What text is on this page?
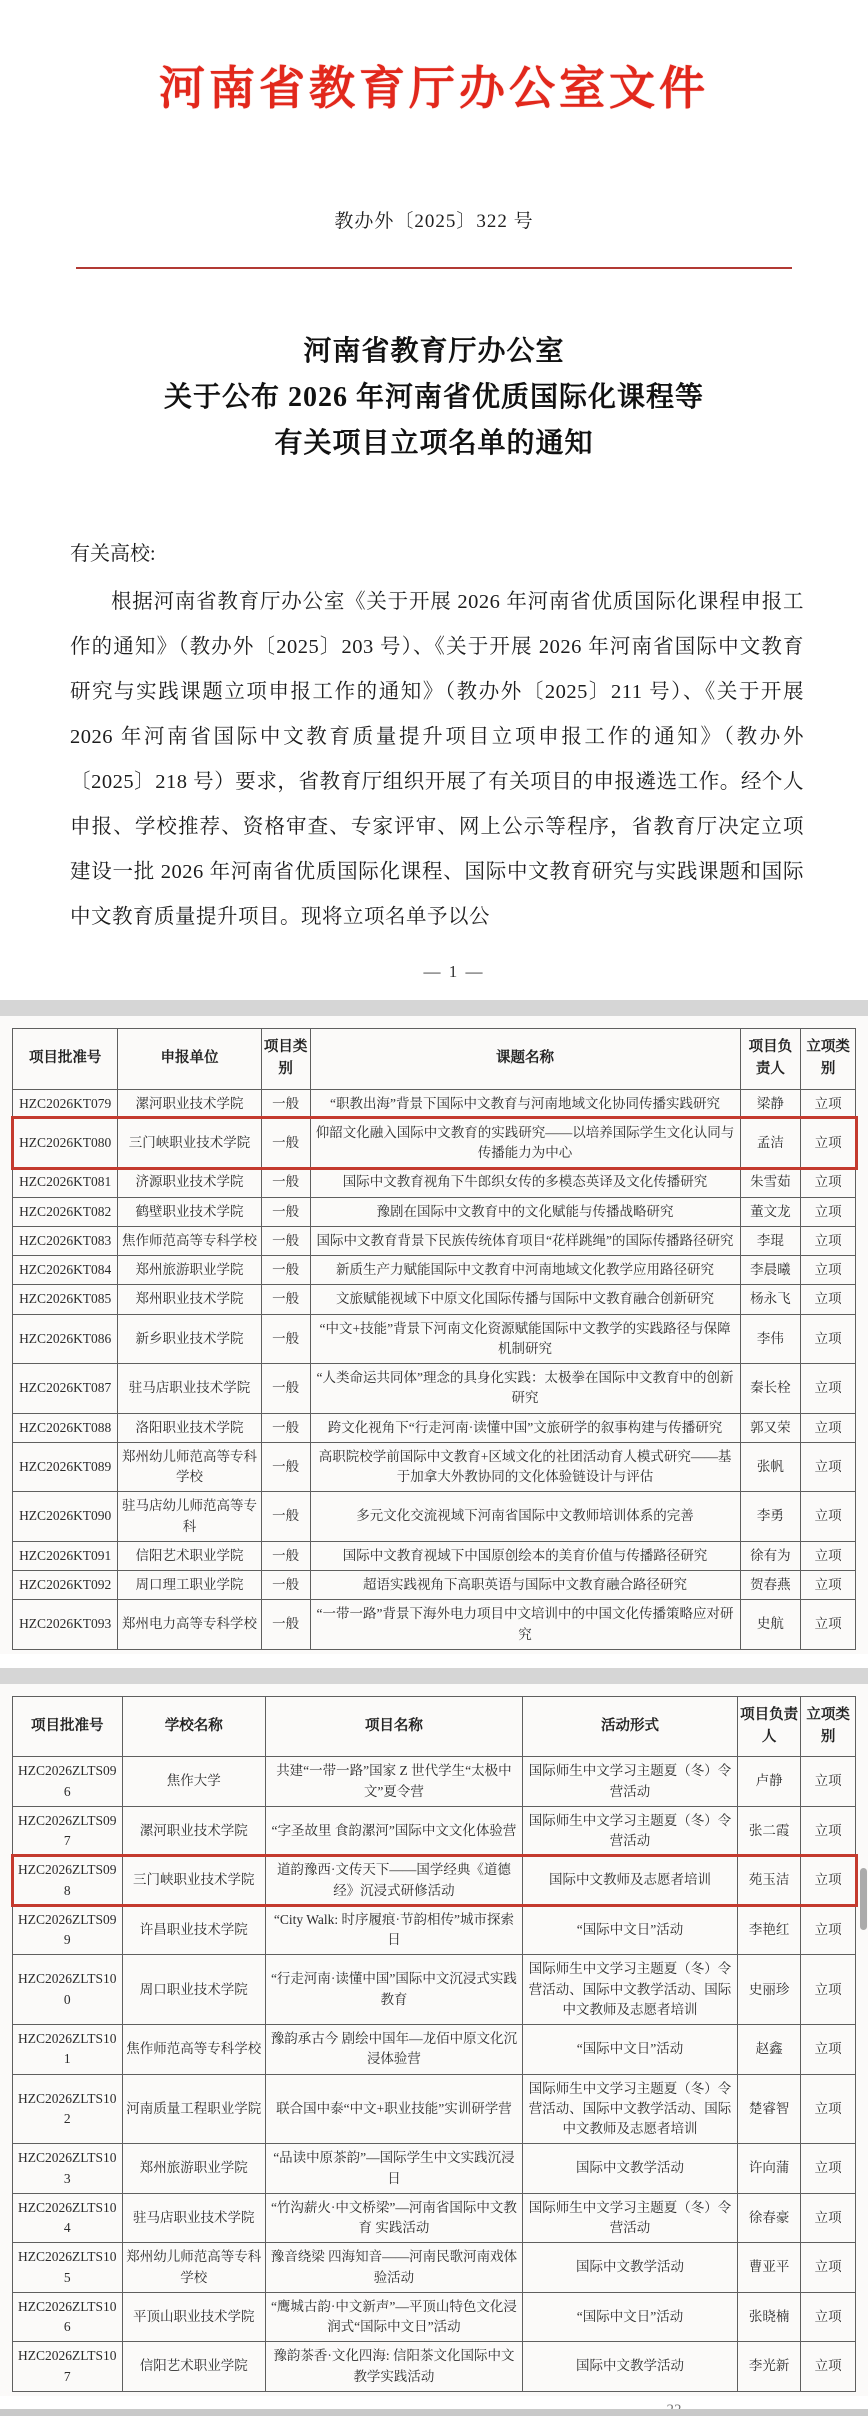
河南省教育厅办公室文件
教办外〔2025〕322 号
河南省教育厅办公室
关于公布 2026 年河南省优质国际化课程等
有关项目立项名单的通知
有关高校:

根据河南省教育厅办公室《关于开展 2026 年河南省优质国际化课程申报工作的通知》（教办外〔2025〕203 号）、《关于开展 2026 年河南省国际中文教育研究与实践课题立项申报工作的通知》（教办外〔2025〕211 号）、《关于开展 2026 年河南省国际中文教育质量提升项目立项申报工作的通知》（教办外〔2025〕218 号）要求，省教育厅组织开展了有关项目的申报遴选工作。经个人申报、学校推荐、资格审查、专家评审、网上公示等程序，省教育厅决定立项建设一批 2026 年河南省优质国际化课程、国际中文教育研究与实践课题和国际中文教育质量提升项目。现将立项名单予以公

— 1 —
项目批准号	申报单位	项目类别	课题名称	项目负责人	立项类别
HZC2026KT079	漯河职业技术学院	一般	“职教出海”背景下国际中文教育与河南地域文化协同传播实践研究	梁静	立项
HZC2026KT080	三门峡职业技术学院	一般	仰韶文化融入国际中文教育的实践研究——以培养国际学生文化认同与传播能力为中心	孟洁	立项
HZC2026KT081	济源职业技术学院	一般	国际中文教育视角下牛郎织女传的多模态英译及文化传播研究	朱雪茹	立项
HZC2026KT082	鹤壁职业技术学院	一般	豫剧在国际中文教育中的文化赋能与传播战略研究	董文龙	立项
HZC2026KT083	焦作师范高等专科学校	一般	国际中文教育背景下民族传统体育项目“花样跳绳”的国际传播路径研究	李琨	立项
HZC2026KT084	郑州旅游职业学院	一般	新质生产力赋能国际中文教育中河南地域文化教学应用路径研究	李晨曦	立项
HZC2026KT085	郑州职业技术学院	一般	文旅赋能视域下中原文化国际传播与国际中文教育融合创新研究	杨永飞	立项
HZC2026KT086	新乡职业技术学院	一般	“中文+技能”背景下河南文化资源赋能国际中文教学的实践路径与保障机制研究	李伟	立项
HZC2026KT087	驻马店职业技术学院	一般	“人类命运共同体”理念的具身化实践：太极拳在国际中文教育中的创新研究	秦长栓	立项
HZC2026KT088	洛阳职业技术学院	一般	跨文化视角下“行走河南·读懂中国”文旅研学的叙事构建与传播研究	郭又荣	立项
HZC2026KT089	郑州幼儿师范高等专科学校	一般	高职院校学前国际中文教育+区域文化的社团活动育人模式研究——基于加拿大外教协同的文化体验链设计与评估	张帆	立项
HZC2026KT090	驻马店幼儿师范高等专科	一般	多元文化交流视域下河南省国际中文教师培训体系的完善	李勇	立项
HZC2026KT091	信阳艺术职业学院	一般	国际中文教育视域下中国原创绘本的美育价值与传播路径研究	徐有为	立项
HZC2026KT092	周口理工职业学院	一般	超语实践视角下高职英语与国际中文教育融合路径研究	贺春燕	立项
HZC2026KT093	郑州电力高等专科学校	一般	“一带一路”背景下海外电力项目中文培训中的中国文化传播策略应对研究	史航	立项
项目批准号	学校名称	项目名称	活动形式	项目负责人	立项类别
HZC2026ZLTS096	焦作大学	共建“一带一路”国家 Z 世代学生“太极中文”夏令营	国际师生中文学习主题夏（冬）令营活动	卢静	立项
HZC2026ZLTS097	漯河职业技术学院	“字圣故里 食韵漯河”国际中文文化体验营	国际师生中文学习主题夏（冬）令营活动	张二霞	立项
HZC2026ZLTS098	三门峡职业技术学院	道韵豫西·文传天下——国学经典《道德经》沉浸式研修活动	国际中文教师及志愿者培训	苑玉洁	立项
HZC2026ZLTS099	许昌职业技术学院	“City Walk: 时序履痕·节韵相传”城市探索日	“国际中文日”活动	李艳红	立项
HZC2026ZLTS100	周口职业技术学院	“行走河南·读懂中国”国际中文沉浸式实践教育	国际师生中文学习主题夏（冬）令营活动、国际中文教学活动、国际中文教师及志愿者培训	史丽珍	立项
HZC2026ZLTS101	焦作师范高等专科学校	豫韵承古今 剧绘中国年—龙佰中原文化沉浸体验营	“国际中文日”活动	赵鑫	立项
HZC2026ZLTS102	河南质量工程职业学院	联合国中泰“中文+职业技能”实训研学营	国际师生中文学习主题夏（冬）令营活动、国际中文教学活动、国际中文教师及志愿者培训	楚睿智	立项
HZC2026ZLTS103	郑州旅游职业学院	“品读中原茶韵”—国际学生中文实践沉浸日	国际中文教学活动	许向蒲	立项
HZC2026ZLTS104	驻马店职业技术学院	“竹沟薪火·中文桥梁”—河南省国际中文教育 实践活动	国际师生中文学习主题夏（冬）令营活动	徐春豪	立项
HZC2026ZLTS105	郑州幼儿师范高等专科学校	豫音绕梁 四海知音——河南民歌河南戏体验活动	国际中文教学活动	曹亚平	立项
HZC2026ZLTS106	平顶山职业技术学院	“鹰城古韵·中文新声”—平顶山特色文化浸润式“国际中文日”活动	“国际中文日”活动	张晓楠	立项
HZC2026ZLTS107	信阳艺术职业学院	豫韵茶香·文化四海: 信阳茶文化国际中文教学实践活动	国际中文教学活动	李光新	立项
